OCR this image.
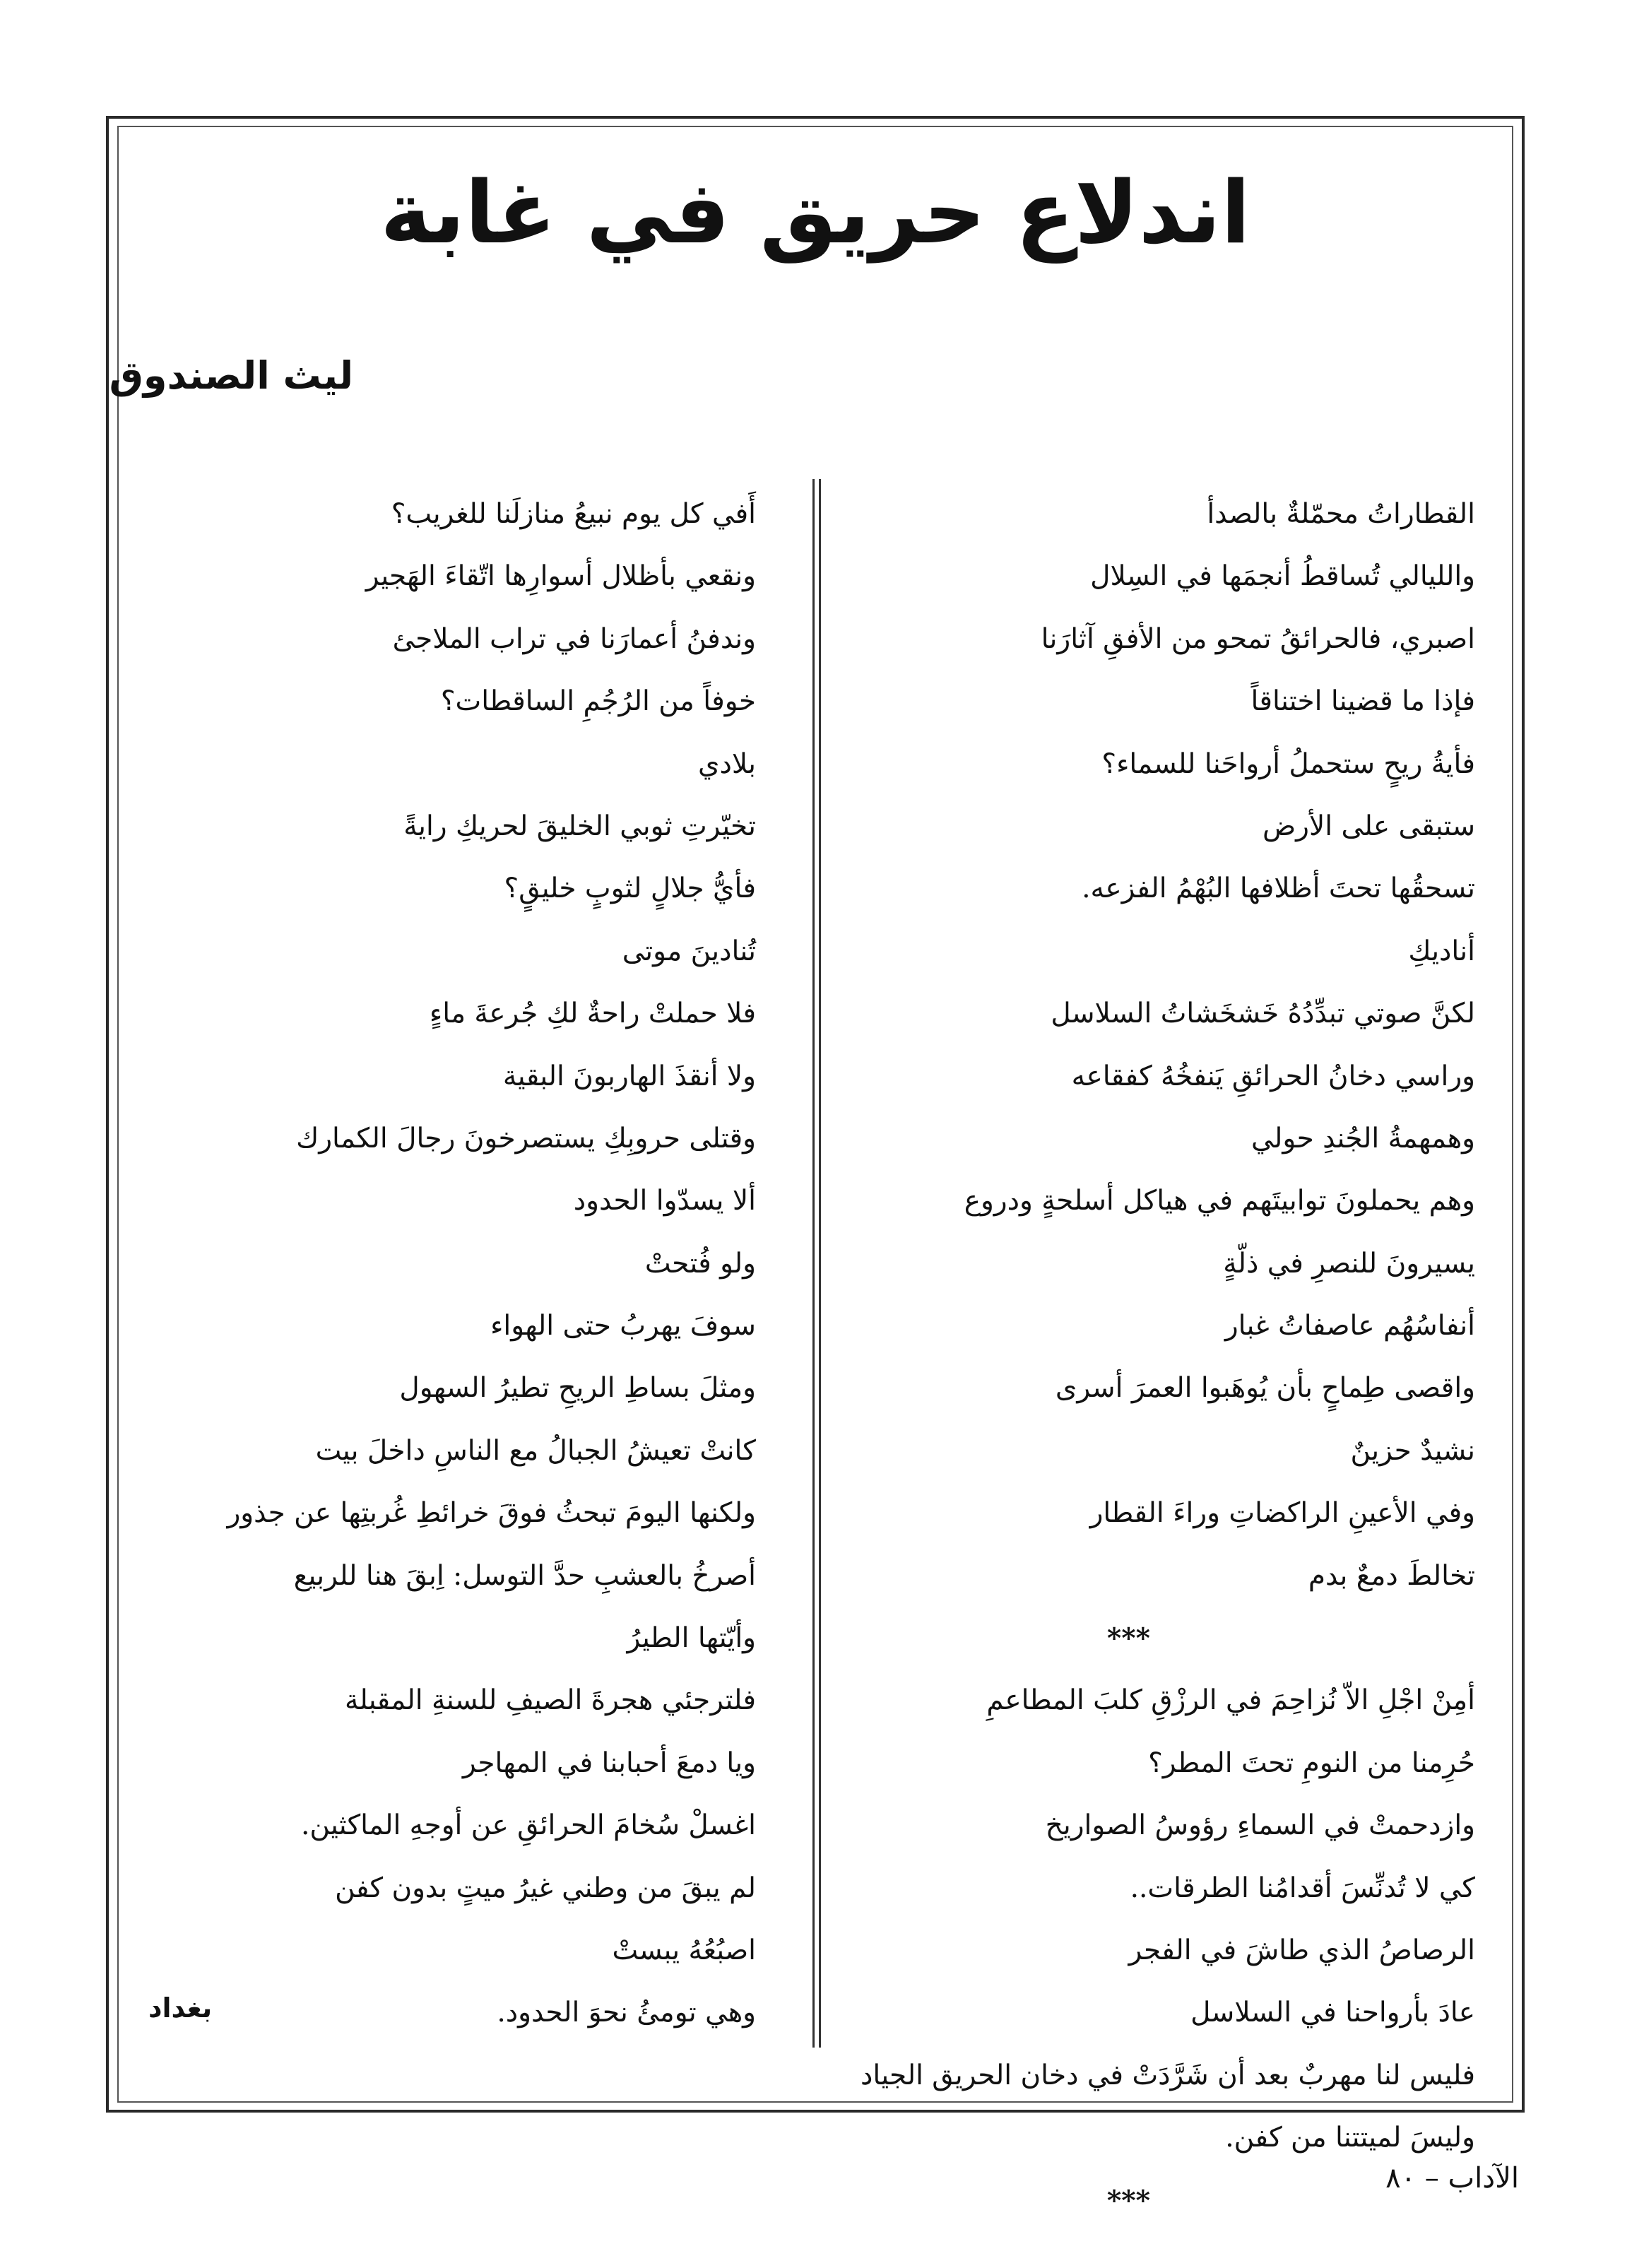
اندلاع حريق في غابة

ليث الصندوق

القطاراتُ محمّلةٌ بالصدأ
والليالي تُساقطُ أنجمَها في السِلال
اصبري، فالحرائقُ تمحو من الأفقِ آثارَنا
فإذا ما قضينا اختناقاً
فأيةُ ريحٍ ستحملُ أرواحَنا للسماء؟
ستبقى على الأرض
تسحقُها تحتَ أظلافها البُهْمُ الفزعه.
أناديكِ
لكنَّ صوتي تبدِّدُهُ خَشخَشاتُ السلاسل
وراسي دخانُ الحرائقِ يَنفخُهُ كفقاعه
وهمهمةُ الجُندِ حولي
وهم يحملونَ توابيتَهم في هياكل أسلحةٍ ودروع
يسيرونَ للنصرِ في ذلّةٍ
أنفاسُهُم عاصفاتُ غبار
واقصى طِماحٍ بأن يُوهَبوا العمرَ أسرى
نشيدٌ حزينٌ
وفي الأعينِ الراكضاتِ وراءَ القطار
تخالطَ دمعٌ بدم
***
أمِنْ اجْلِ الاّ نُزاحِمَ في الرزْقِ كلبَ المطاعمِ
حُرِمنا من النومِ تحتَ المطر؟
وازدحمتْ في السماءِ رؤوسُ الصواريخ
كي لا تُدنِّسَ أقدامُنا الطرقات..
الرصاصُ الذي طاشَ في الفجر
عادَ بأرواحنا في السلاسل
فليس لنا مهربٌ بعد أن شَرَّدَتْ في دخان الحريق الجياد
وليسَ لميتتنا من كفن.
***
أَفي كل يوم نبيعُ منازلَنا للغريب؟
ونقعي بأظلال أسوارِها اتّقاءَ الهَجير
وندفنُ أعمارَنا في تراب الملاجئ
خوفاً من الرُجُمِ الساقطات؟
بلادي
تخيّرتِ ثوبي الخليقَ لحريكِ رايةً
فأيُّ جلالٍ لثوبٍ خليقٍ؟
تُنادينَ موتى
فلا حملتْ راحةٌ لكِ جُرعةَ ماءٍ
ولا أنقذَ الهاربونَ البقية
وقتلى حروبِكِ يستصرخونَ رجالَ الكمارك
ألا يسدّوا الحدود
ولو فُتحتْ
سوفَ يهربُ حتى الهواء
ومثلَ بساطِ الريحِ تطيرُ السهول
كانتْ تعيشُ الجبالُ مع الناسِ داخلَ بيت
ولكنها اليومَ تبحثُ فوقَ خرائطِ غُربتِها عن جذور
أصرخُ بالعشبِ حدَّ التوسل: اِبقَ هنا للربيع
وأيّتها الطيرُ
فلترجئي هجرةَ الصيفِ للسنةِ المقبلة
ويا دمعَ أحبابنا في المهاجر
اغسلْ سُخامَ الحرائقِ عن أوجهِ الماكثين.
لم يبقَ من وطني غيرُ ميتٍ بدون كفن
اصبُعُهُ يبستْ
وهي تومئُ نحوَ الحدود.

بغداد

الآداب – ٨٠
